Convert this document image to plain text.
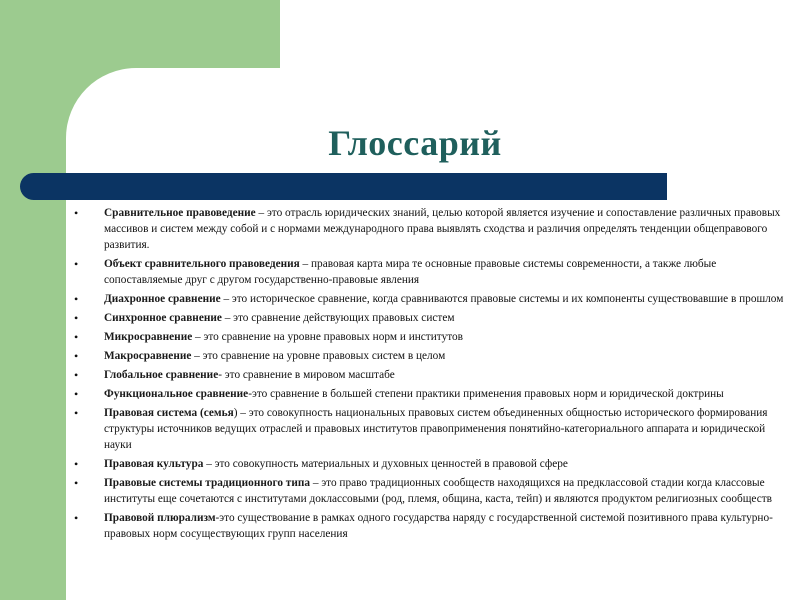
Глоссарий
• Сравнительное правоведение – это отрасль юридических знаний, целью которой является изучение и сопоставление различных правовых массивов и систем между собой и с нормами международного права выявлять сходства и различия определять тенденции общеправового развития.
• Объект сравнительного правоведения – правовая карта мира те основные правовые системы современности, а также любые сопоставляемые друг с другом государственно-правовые явления
• Диахронное сравнение – это историческое сравнение, когда сравниваются правовые системы и их компоненты существовавшие в прошлом
• Синхронное сравнение – это сравнение действующих правовых систем
• Микросравнение – это сравнение на уровне правовых норм и институтов
• Макросравнение – это сравнение на уровне правовых систем в целом
• Глобальное сравнение- это сравнение в мировом масштабе
• Функциональное сравнение-это сравнение в большей степени практики применения правовых норм и юридической доктрины
• Правовая система (семья) – это совокупность национальных правовых систем объединенных общностью исторического формирования структуры источников ведущих отраслей и правовых институтов правоприменения понятийно-категориального аппарата и юридической науки
• Правовая культура – это совокупность материальных и духовных ценностей в правовой сфере
• Правовые системы традиционного типа – это право традиционных сообществ находящихся на предклассовой стадии когда классовые институты еще сочетаются с институтами доклассовыми (род, племя, община, каста, тейп) и являются продуктом религиозных сообществ
• Правовой плюрализм-это существование в рамках одного государства наряду с государственной системой позитивного права культурно-правовых норм сосуществующих групп населения
